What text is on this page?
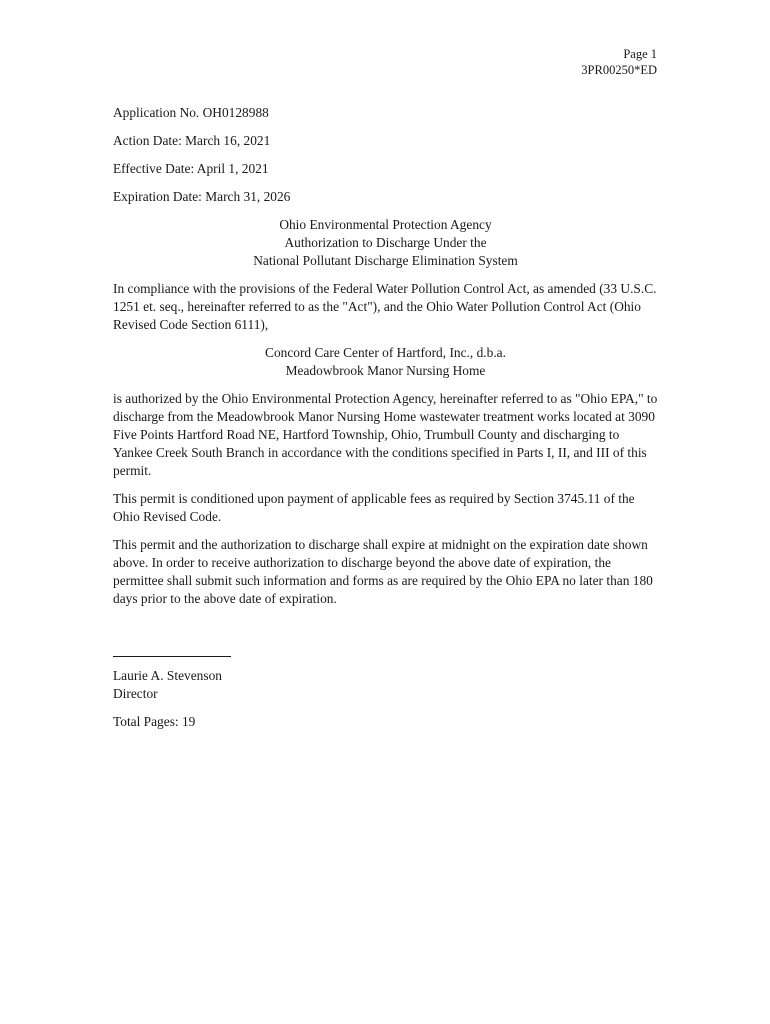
Page 1
3PR00250*ED
Application No. OH0128988
Action Date: March 16, 2021
Effective Date: April 1, 2021
Expiration Date: March 31, 2026
Ohio Environmental Protection Agency
Authorization to Discharge Under the
National Pollutant Discharge Elimination System

In compliance with the provisions of the Federal Water Pollution Control Act, as amended (33 U.S.C. 1251 et. seq., hereinafter referred to as the "Act"), and the Ohio Water Pollution Control Act (Ohio Revised Code Section 6111),

Concord Care Center of Hartford, Inc., d.b.a.
Meadowbrook Manor Nursing Home

is authorized by the Ohio Environmental Protection Agency, hereinafter referred to as "Ohio EPA," to discharge from the Meadowbrook Manor Nursing Home wastewater treatment works located at 3090 Five Points Hartford Road NE, Hartford Township, Ohio, Trumbull County and discharging to Yankee Creek South Branch in accordance with the conditions specified in Parts I, II, and III of this permit.

This permit is conditioned upon payment of applicable fees as required by Section 3745.11 of the Ohio Revised Code.

This permit and the authorization to discharge shall expire at midnight on the expiration date shown above. In order to receive authorization to discharge beyond the above date of expiration, the permittee shall submit such information and forms as are required by the Ohio EPA no later than 180 days prior to the above date of expiration.

Laurie A. Stevenson
Director
Total Pages: 19
